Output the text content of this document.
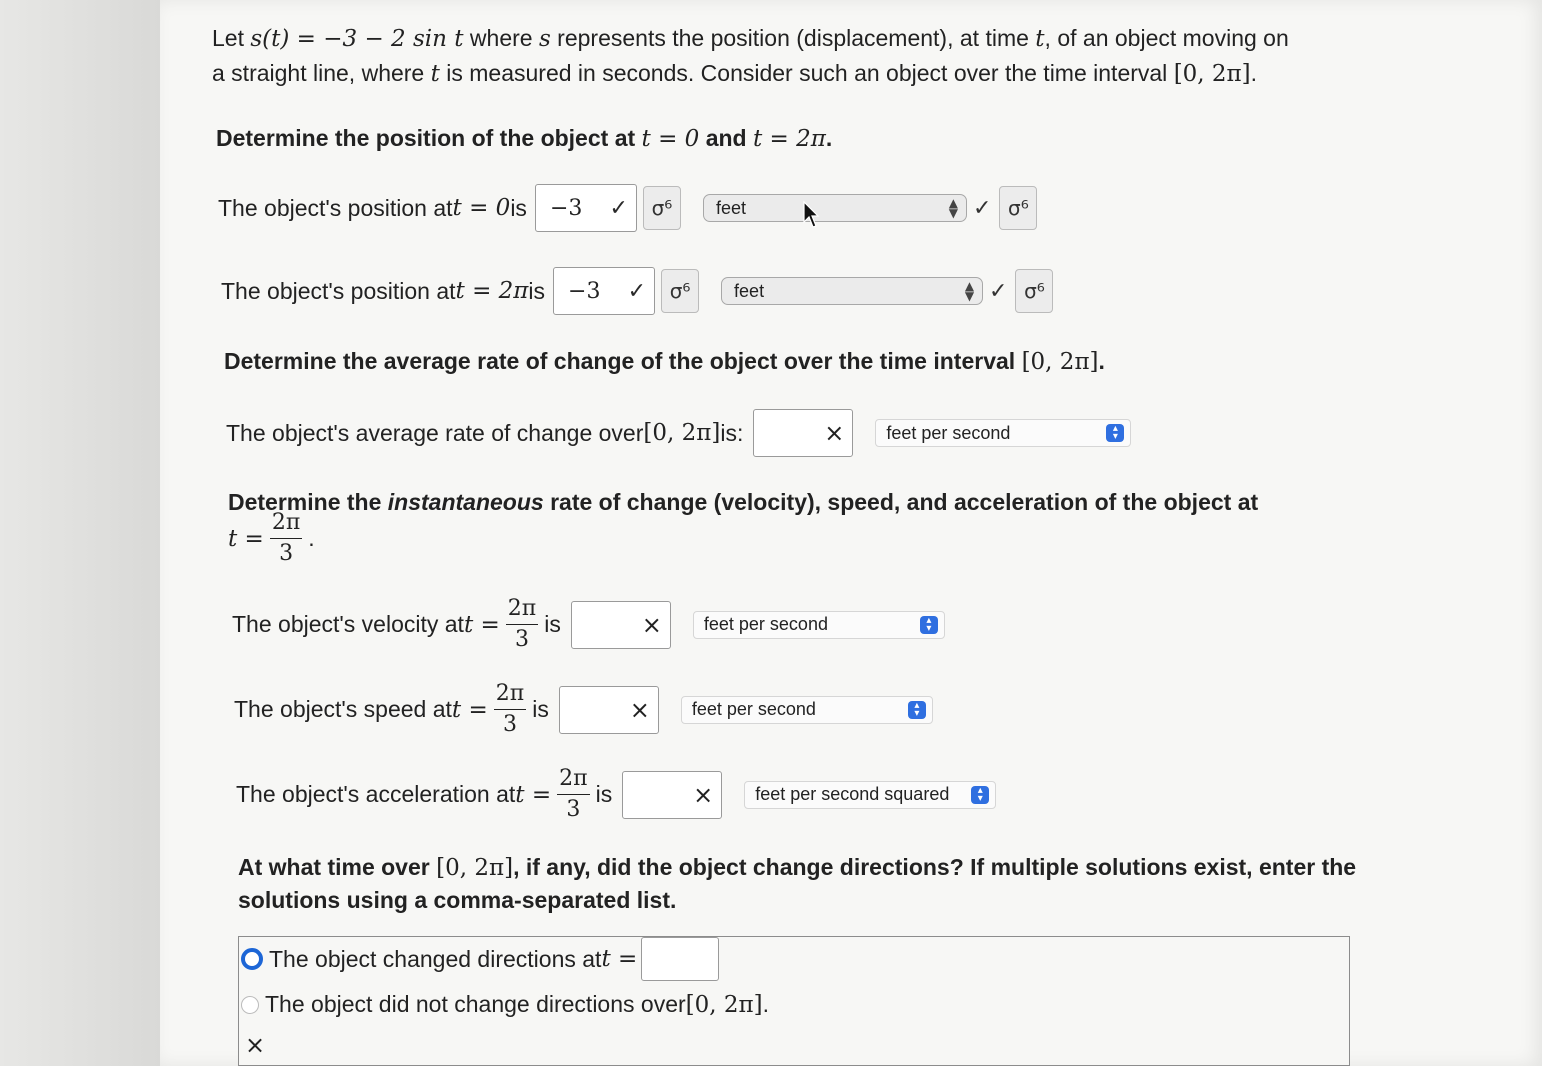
Let s(t) = −3 − 2 sin t where s represents the position (displacement), at time t, of an object moving on
a straight line, where t is measured in seconds. Consider such an object over the time interval [0, 2π].
Determine the position of the object at t = 0 and t = 2π.
The object's position at t = 0 is −3 ✓	σ⁶	feet	▲
▼ ✓ σ⁶
The object's position at t = 2π is −3 ✓	σ⁶	feet	▲
▼ ✓ σ⁶
Determine the average rate of change of the object over the time interval [0, 2π].
The object's average rate of change over [0, 2π] is:	× feet per second	▴
▾
Determine the instantaneous rate of change (velocity), speed, and acceleration of the object at
$t = \frac{2\pi}{3}$ .
The object's velocity at $t = \frac{2\pi}{3}$ is	× feet per second	▴
▾
The object's speed at $t = \frac{2\pi}{3}$ is	× feet per second	▴
▾
The object's acceleration at $t = \frac{2\pi}{3}$ is	× feet per second squared	▴
▾
At what time over [0, 2π], if any, did the object change directions? If multiple solutions exist, enter the
solutions using a comma-separated list.
The object changed directions at t =
The object did not change directions over [0, 2π] .
×
